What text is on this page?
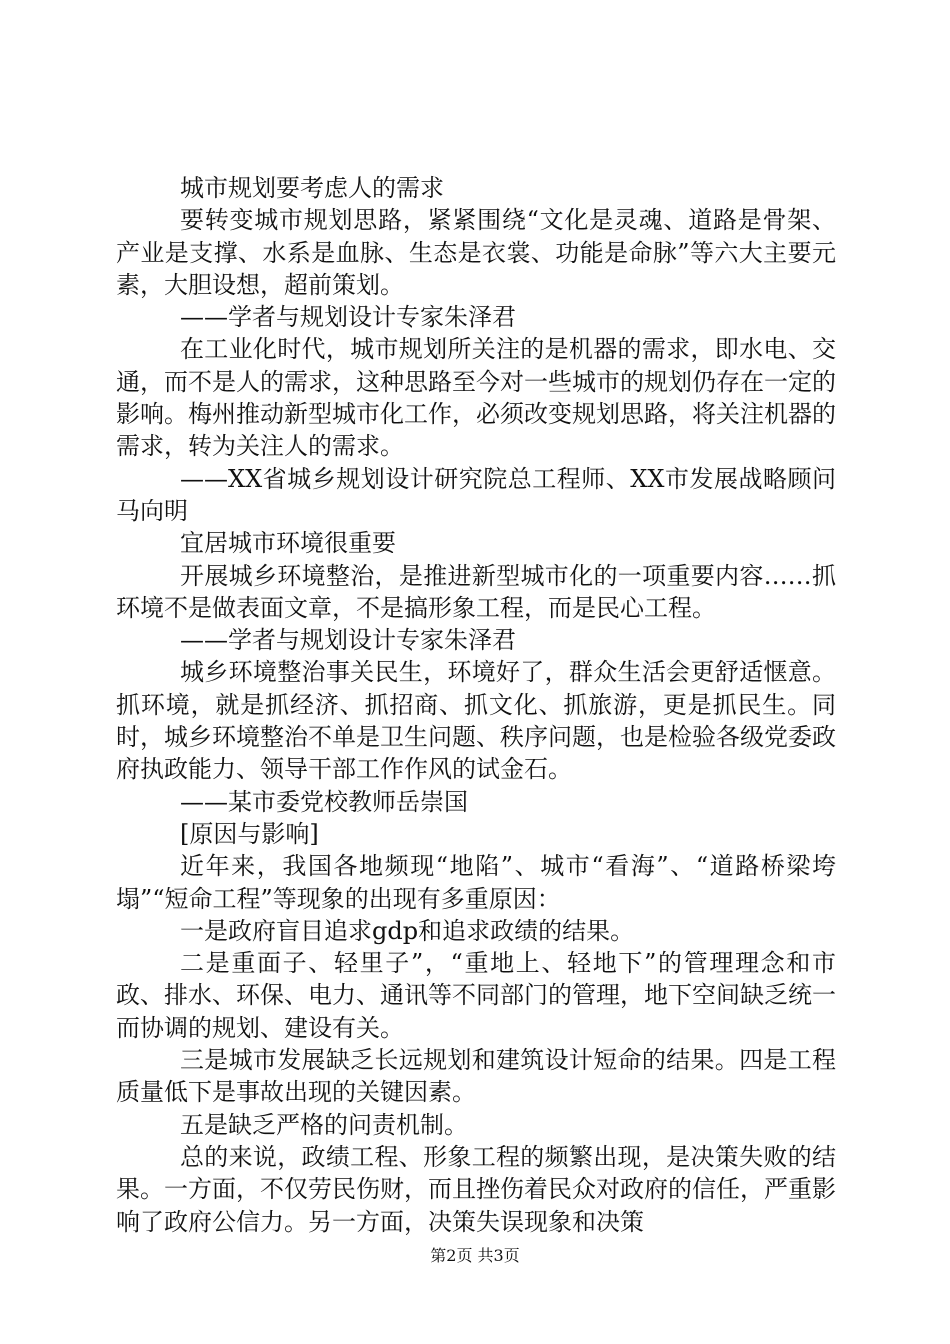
城市规划要考虑人的需求

要转变城市规划思路，紧紧围绕“文化是灵魂、道路是骨架、产业是支撑、水系是血脉、生态是衣裳、功能是命脉”等六大主要元素，大胆设想，超前策划。

——学者与规划设计专家朱泽君

在工业化时代，城市规划所关注的是机器的需求，即水电、交通，而不是人的需求，这种思路至今对一些城市的规划仍存在一定的影响。梅州推动新型城市化工作，必须改变规划思路，将关注机器的需求，转为关注人的需求。

——XX省城乡规划设计研究院总工程师、XX市发展战略顾问马向明

宜居城市环境很重要

开展城乡环境整治，是推进新型城市化的一项重要内容……抓环境不是做表面文章，不是搞形象工程，而是民心工程。

——学者与规划设计专家朱泽君

城乡环境整治事关民生，环境好了，群众生活会更舒适惬意。抓环境，就是抓经济、抓招商、抓文化、抓旅游，更是抓民生。同时，城乡环境整治不单是卫生问题、秩序问题，也是检验各级党委政府执政能力、领导干部工作作风的试金石。

——某市委党校教师岳崇国

[原因与影响]

近年来，我国各地频现“地陷”、城市“看海”、“道路桥梁垮塌”“短命工程”等现象的出现有多重原因：

一是政府盲目追求gdp和追求政绩的结果。

二是重面子、轻里子”，“重地上、轻地下”的管理理念和市政、排水、环保、电力、通讯等不同部门的管理，地下空间缺乏统一而协调的规划、建设有关。

三是城市发展缺乏长远规划和建筑设计短命的结果。四是工程质量低下是事故出现的关键因素。

五是缺乏严格的问责机制。

总的来说，政绩工程、形象工程的频繁出现，是决策失败的结果。一方面，不仅劳民伤财，而且挫伤着民众对政府的信任，严重影响了政府公信力。另一方面，决策失误现象和决策

第2页 共3页
